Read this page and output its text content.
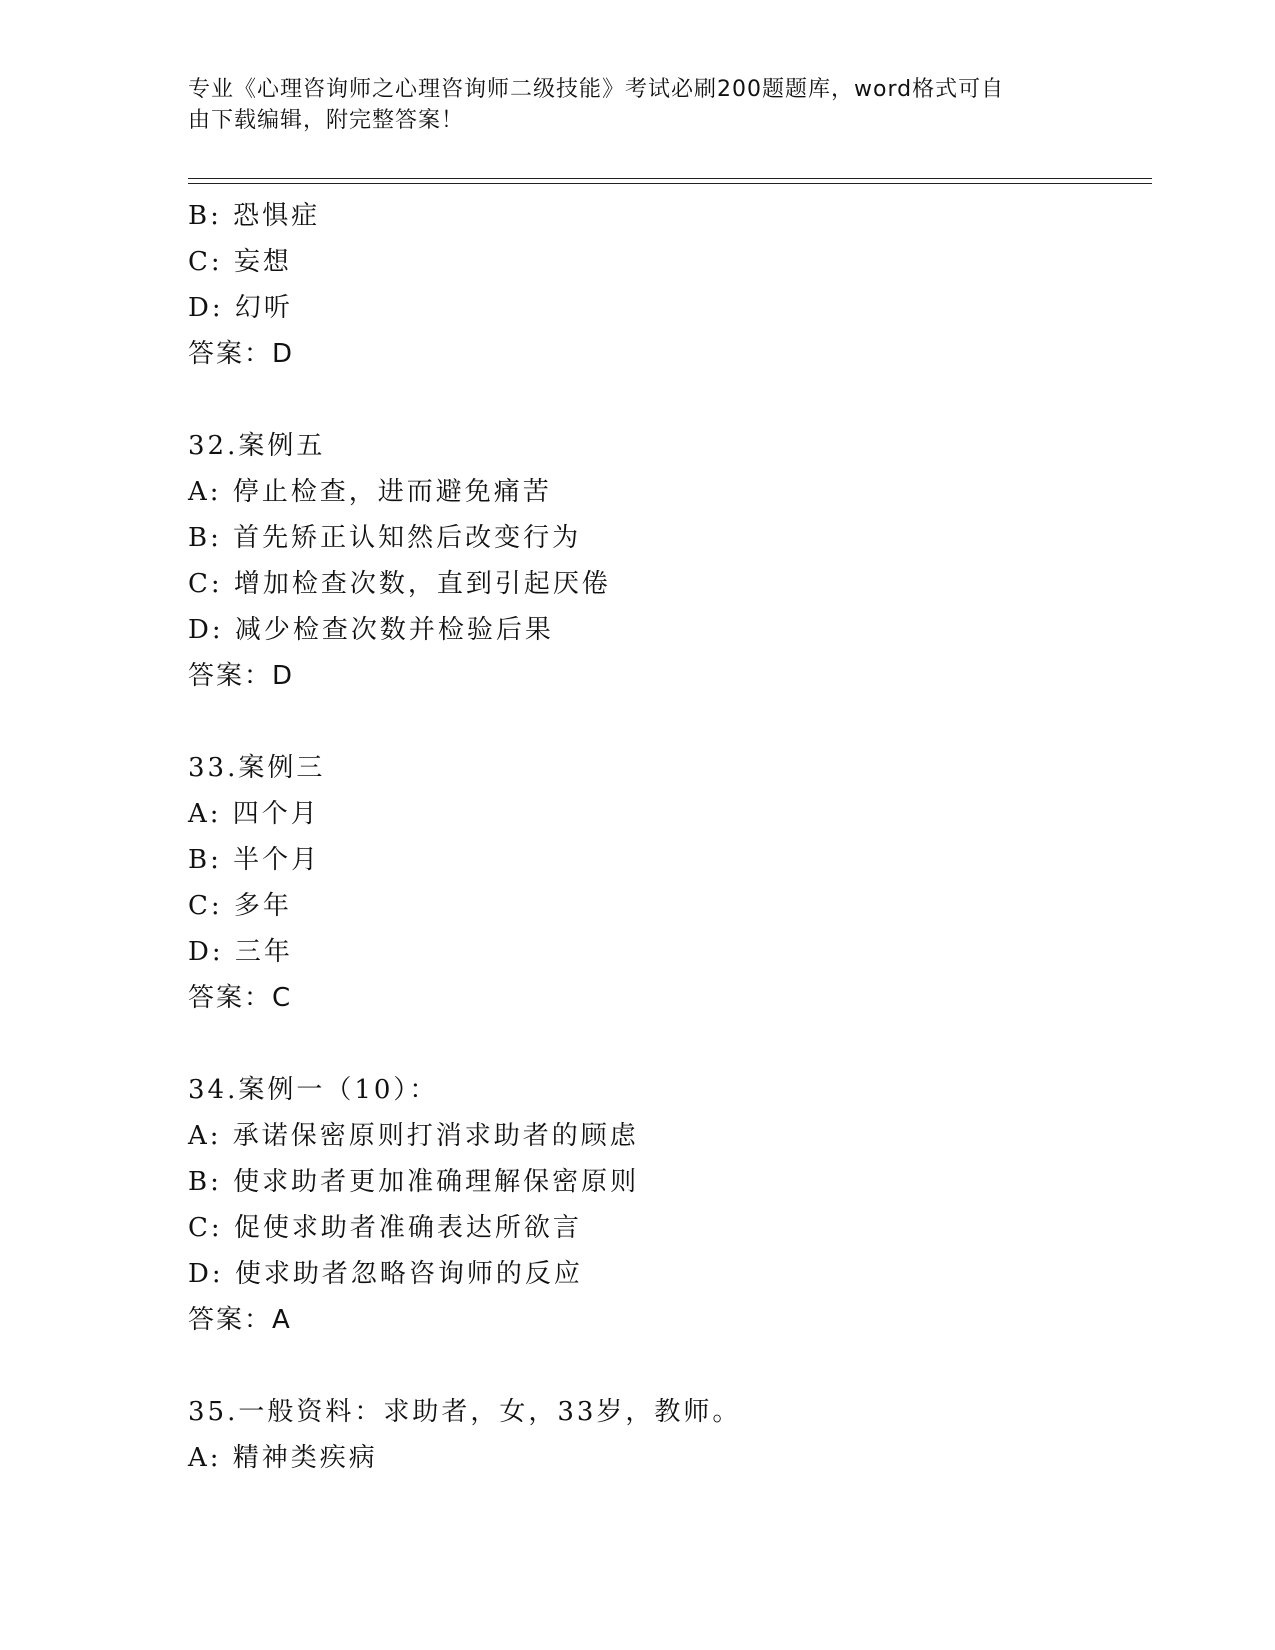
专业《心理咨询师之心理咨询师二级技能》考试必刷200题题库，word格式可自
由下载编辑，附完整答案！
B: 恐惧症
C: 妄想
D: 幻听
答案：D
32.案例五
A: 停止检查，进而避免痛苦
B: 首先矫正认知然后改变行为
C: 增加检查次数，直到引起厌倦
D: 减少检查次数并检验后果
答案：D
33.案例三
A: 四个月
B: 半个月
C: 多年
D: 三年
答案：C
34.案例一（10）：
A: 承诺保密原则打消求助者的顾虑
B: 使求助者更加准确理解保密原则
C: 促使求助者准确表达所欲言
D: 使求助者忽略咨询师的反应
答案：A
35.一般资料：求助者，女，33岁，教师。
A: 精神类疾病
